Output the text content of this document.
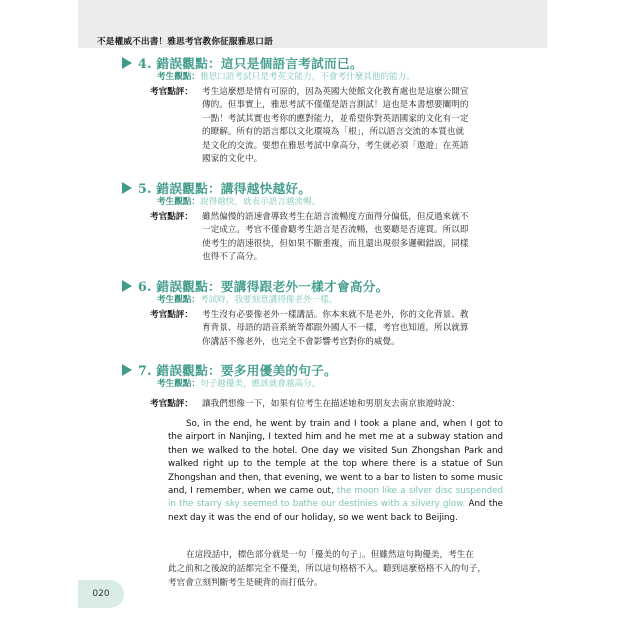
不是權威不出書！雅思考官教你征服雅思口語
4. 錯誤觀點：這只是個語言考試而已。
考生觀點：雅思口語考試只是考英文能力，不會考什麼其他的能力。
考官點評： 考生這麼想是情有可原的，因為英國大使館文化教育處也是這麼公開宣
傳的。但事實上，雅思考試不僅僅是語言測試！這也是本書想要闡明的
一點！考試其實也考你的應對能力，並希望你對英語國家的文化有一定
的瞭解。所有的語言都以文化環境為「根」，所以語言交流的本質也就
是文化的交流。要想在雅思考試中拿高分，考生就必須「遨遊」在英語
國家的文化中。
5. 錯誤觀點：講得越快越好。
考生觀點：說得越快，就表示語言越流暢。
考官點評： 雖然偏慢的語速會導致考生在語言流暢度方面得分偏低，但反過來就不
一定成立。考官不僅會聽考生語言是否流暢，也要聽是否連貫。所以即
使考生的語速很快，但如果不斷重複，而且還出現很多邏輯錯誤，同樣
也得不了高分。
6. 錯誤觀點：要講得跟老外一樣才會高分。
考生觀點：考試時，我要刻意講得像老外一樣。
考官點評： 考生沒有必要像老外一樣講話。你本來就不是老外，你的文化背景、教
育背景、母語的語音系統等都跟外國人不一樣，考官也知道，所以就算
你講話不像老外，也完全不會影響考官對你的威覺。
7. 錯誤觀點：要多用優美的句子。
考生觀點：句子越優美，應該就會越高分。
考官點評： 讓我們想像一下，如果有位考生在描述她和男朋友去南京旅遊時說：
So, in the end, he went by train and I took a plane and, when I got to the airport in Nanjing, I texted him and he met me at a subway station and then we walked to the hotel. One day we visited Sun Zhongshan Park and walked right up to the temple at the top where there is a statue of Sun Zhongshan and then, that evening, we went to a bar to listen to some music and, I remember, when we came out, the moon like a silver disc suspended in the starry sky seemed to bathe our destinies with a silvery glow. And the next day it was the end of our holiday, so we went back to Beijing.
在這段話中，標色部分就是一句「優美的句子」。但雖然這句夠優美，考生在
此之前和之後說的話都完全不優美，所以這句格格不入。聽到這麼格格不入的句子，
考官會立刻判斷考生是硬背的而打低分。
020
